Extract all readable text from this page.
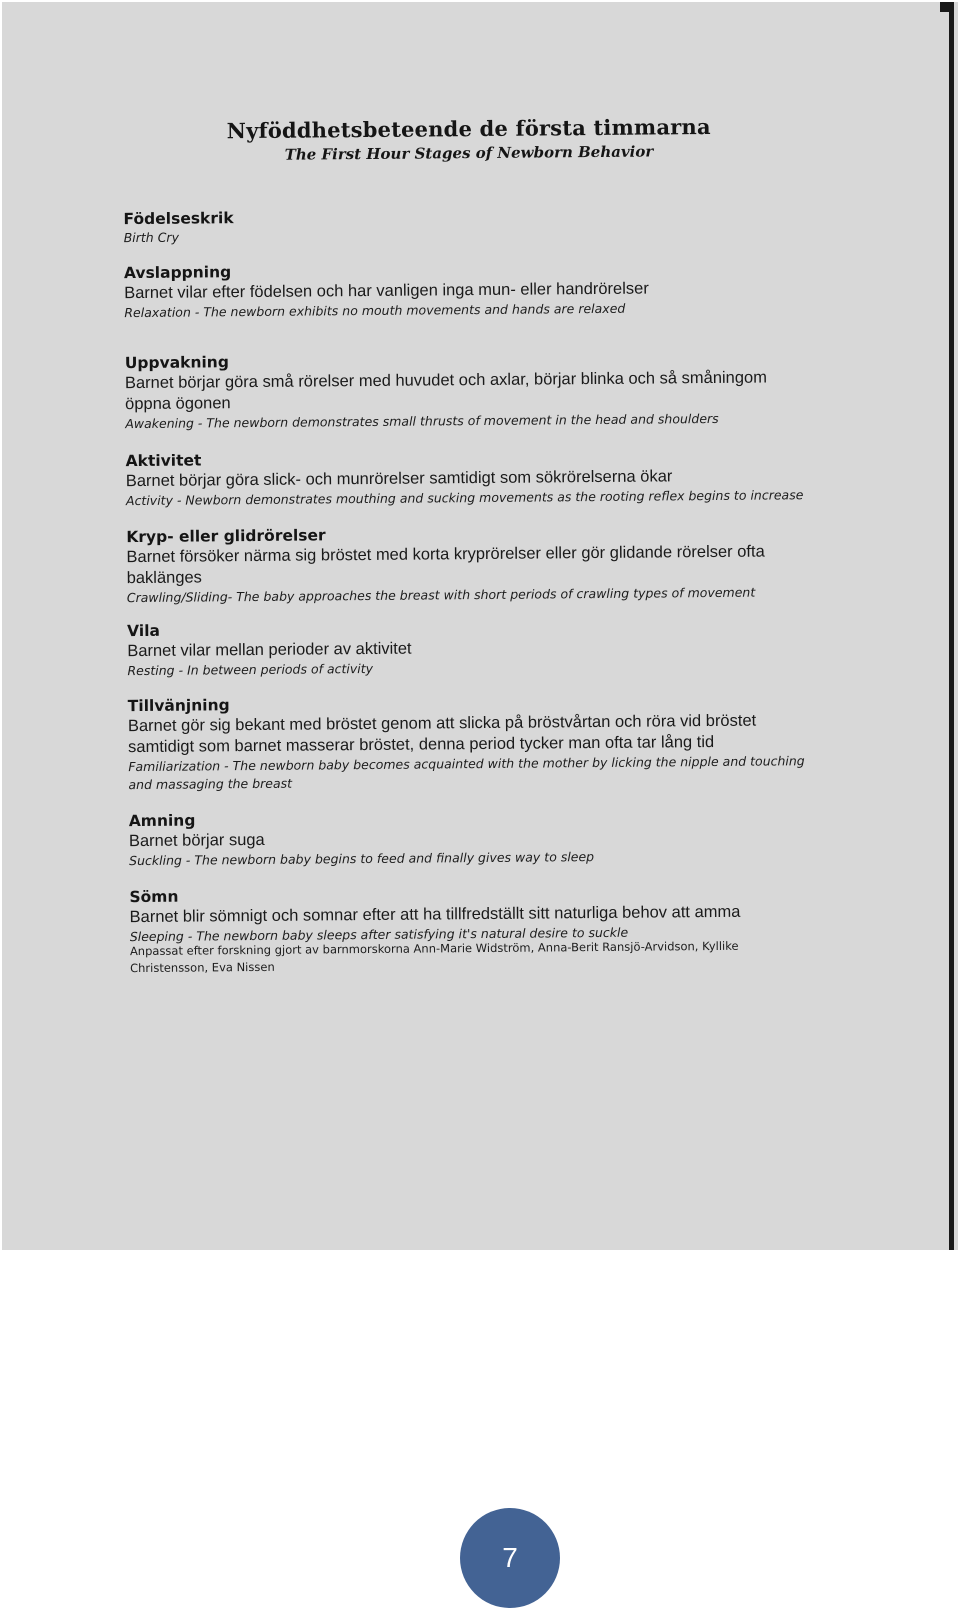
Nyföddhetsbeteende de första timmarna
The First Hour Stages of Newborn Behavior
Födelseskrik
Birth Cry
Avslappning
Barnet vilar efter födelsen och har vanligen inga mun- eller handrörelser
Relaxation - The newborn exhibits no mouth movements and hands are relaxed
Uppvakning
Barnet börjar göra små rörelser med huvudet och axlar, börjar blinka och så småningom öppna ögonen
Awakening - The newborn demonstrates small thrusts of movement in the head and shoulders
Aktivitet
Barnet börjar göra slick- och munrörelser samtidigt som sökrörelserna ökar
Activity - Newborn demonstrates mouthing and sucking movements as the rooting reflex begins to increase
Kryp- eller glidrörelser
Barnet försöker närma sig bröstet med korta kryprörelser eller gör glidande rörelser ofta baklänges
Crawling/Sliding- The baby approaches the breast with short periods of crawling types of movement
Vila
Barnet vilar mellan perioder av aktivitet
Resting - In between periods of activity
Tillvänjning
Barnet gör sig bekant med bröstet genom att slicka på bröstvårtan och röra vid bröstet samtidigt som barnet masserar bröstet, denna period tycker man ofta tar lång tid
Familiarization - The newborn baby becomes acquainted with the mother by licking the nipple and touching and massaging the breast
Amning
Barnet börjar suga
Suckling - The newborn baby begins to feed and finally gives way to sleep
Sömn
Barnet blir sömnigt och somnar efter att ha tillfredställt sitt naturliga behov att amma
Sleeping - The newborn baby sleeps after satisfying it's natural desire to suckle
Anpassat efter forskning gjort av barnmorskorna Ann-Marie Widström, Anna-Berit Ransjö-Arvidson, Kyllike Christensson, Eva Nissen
7
